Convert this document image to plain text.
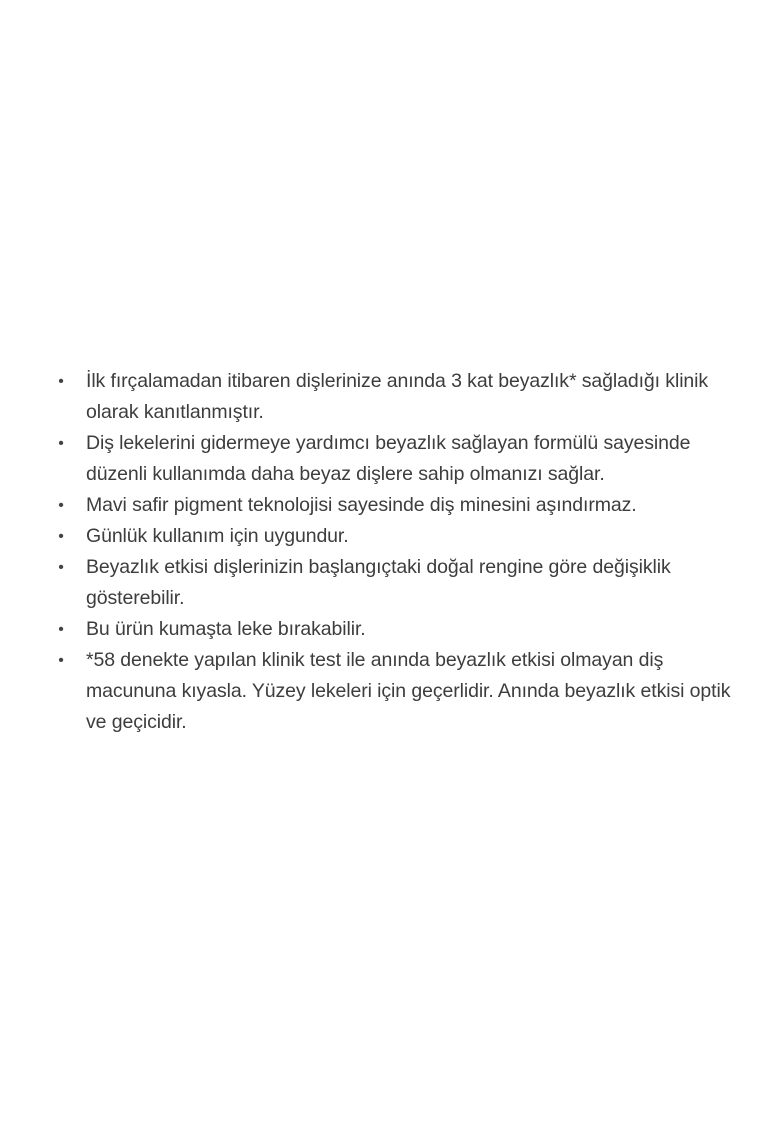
• İlk fırçalamadan itibaren dişlerinize anında 3 kat beyazlık* sağladığı klinik olarak kanıtlanmıştır.
• Diş lekelerini gidermeye yardımcı beyazlık sağlayan formülü sayesinde düzenli kullanımda daha beyaz dişlere sahip olmanızı sağlar.
• Mavi safir pigment teknolojisi sayesinde diş minesini aşındırmaz.
• Günlük kullanım için uygundur.
• Beyazlık etkisi dişlerinizin başlangıçtaki doğal rengine göre değişiklik gösterebilir.
• Bu ürün kumaşta leke bırakabilir.
• *58 denekte yapılan klinik test ile anında beyazlık etkisi olmayan diş macununa kıyasla. Yüzey lekeleri için geçerlidir. Anında beyazlık etkisi optik ve geçicidir.
